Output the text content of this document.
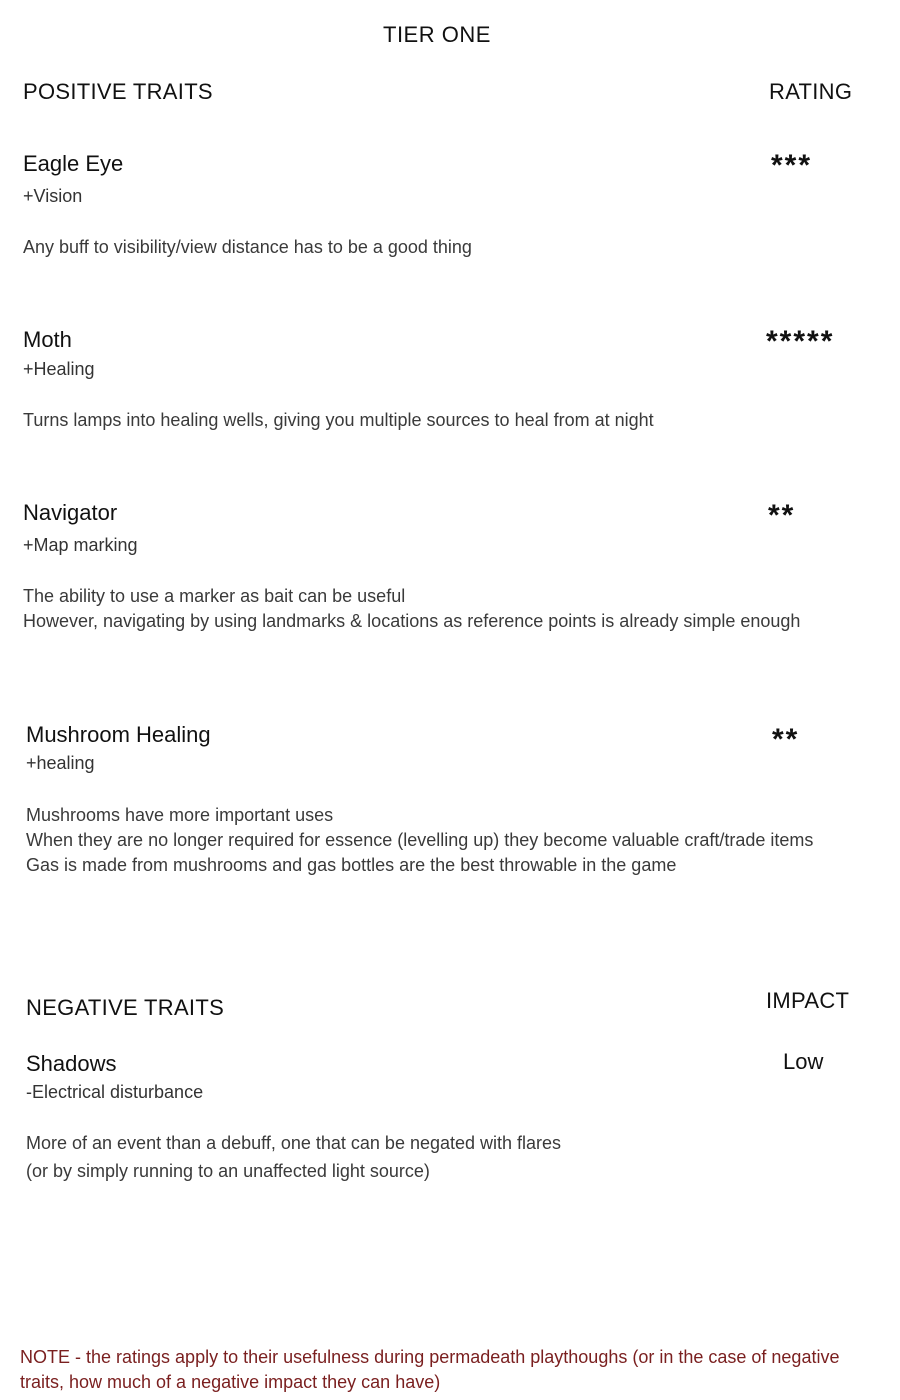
TIER ONE
POSITIVE TRAITS	RATING
Eagle Eye	***
+Vision
Any buff to visibility/view distance has to be a good thing
Moth	*****
+Healing
Turns lamps into healing wells, giving you multiple sources to heal from at night
Navigator	**
+Map marking
The ability to use a marker as bait can be useful
However, navigating by using landmarks & locations as reference points is already simple enough
Mushroom Healing	**
+healing
Mushrooms have more important uses
When they are no longer required for essence (levelling up) they become valuable craft/trade items
Gas is made from mushrooms and gas bottles are the best throwable in the game
NEGATIVE TRAITS	IMPACT
Shadows	Low
-Electrical disturbance
More of an event than a debuff, one that can be negated with flares
(or by simply running to an unaffected light source)
NOTE - the ratings apply to their usefulness during permadeath playthoughs (or in the case of negative traits, how much of a negative impact they can have)
